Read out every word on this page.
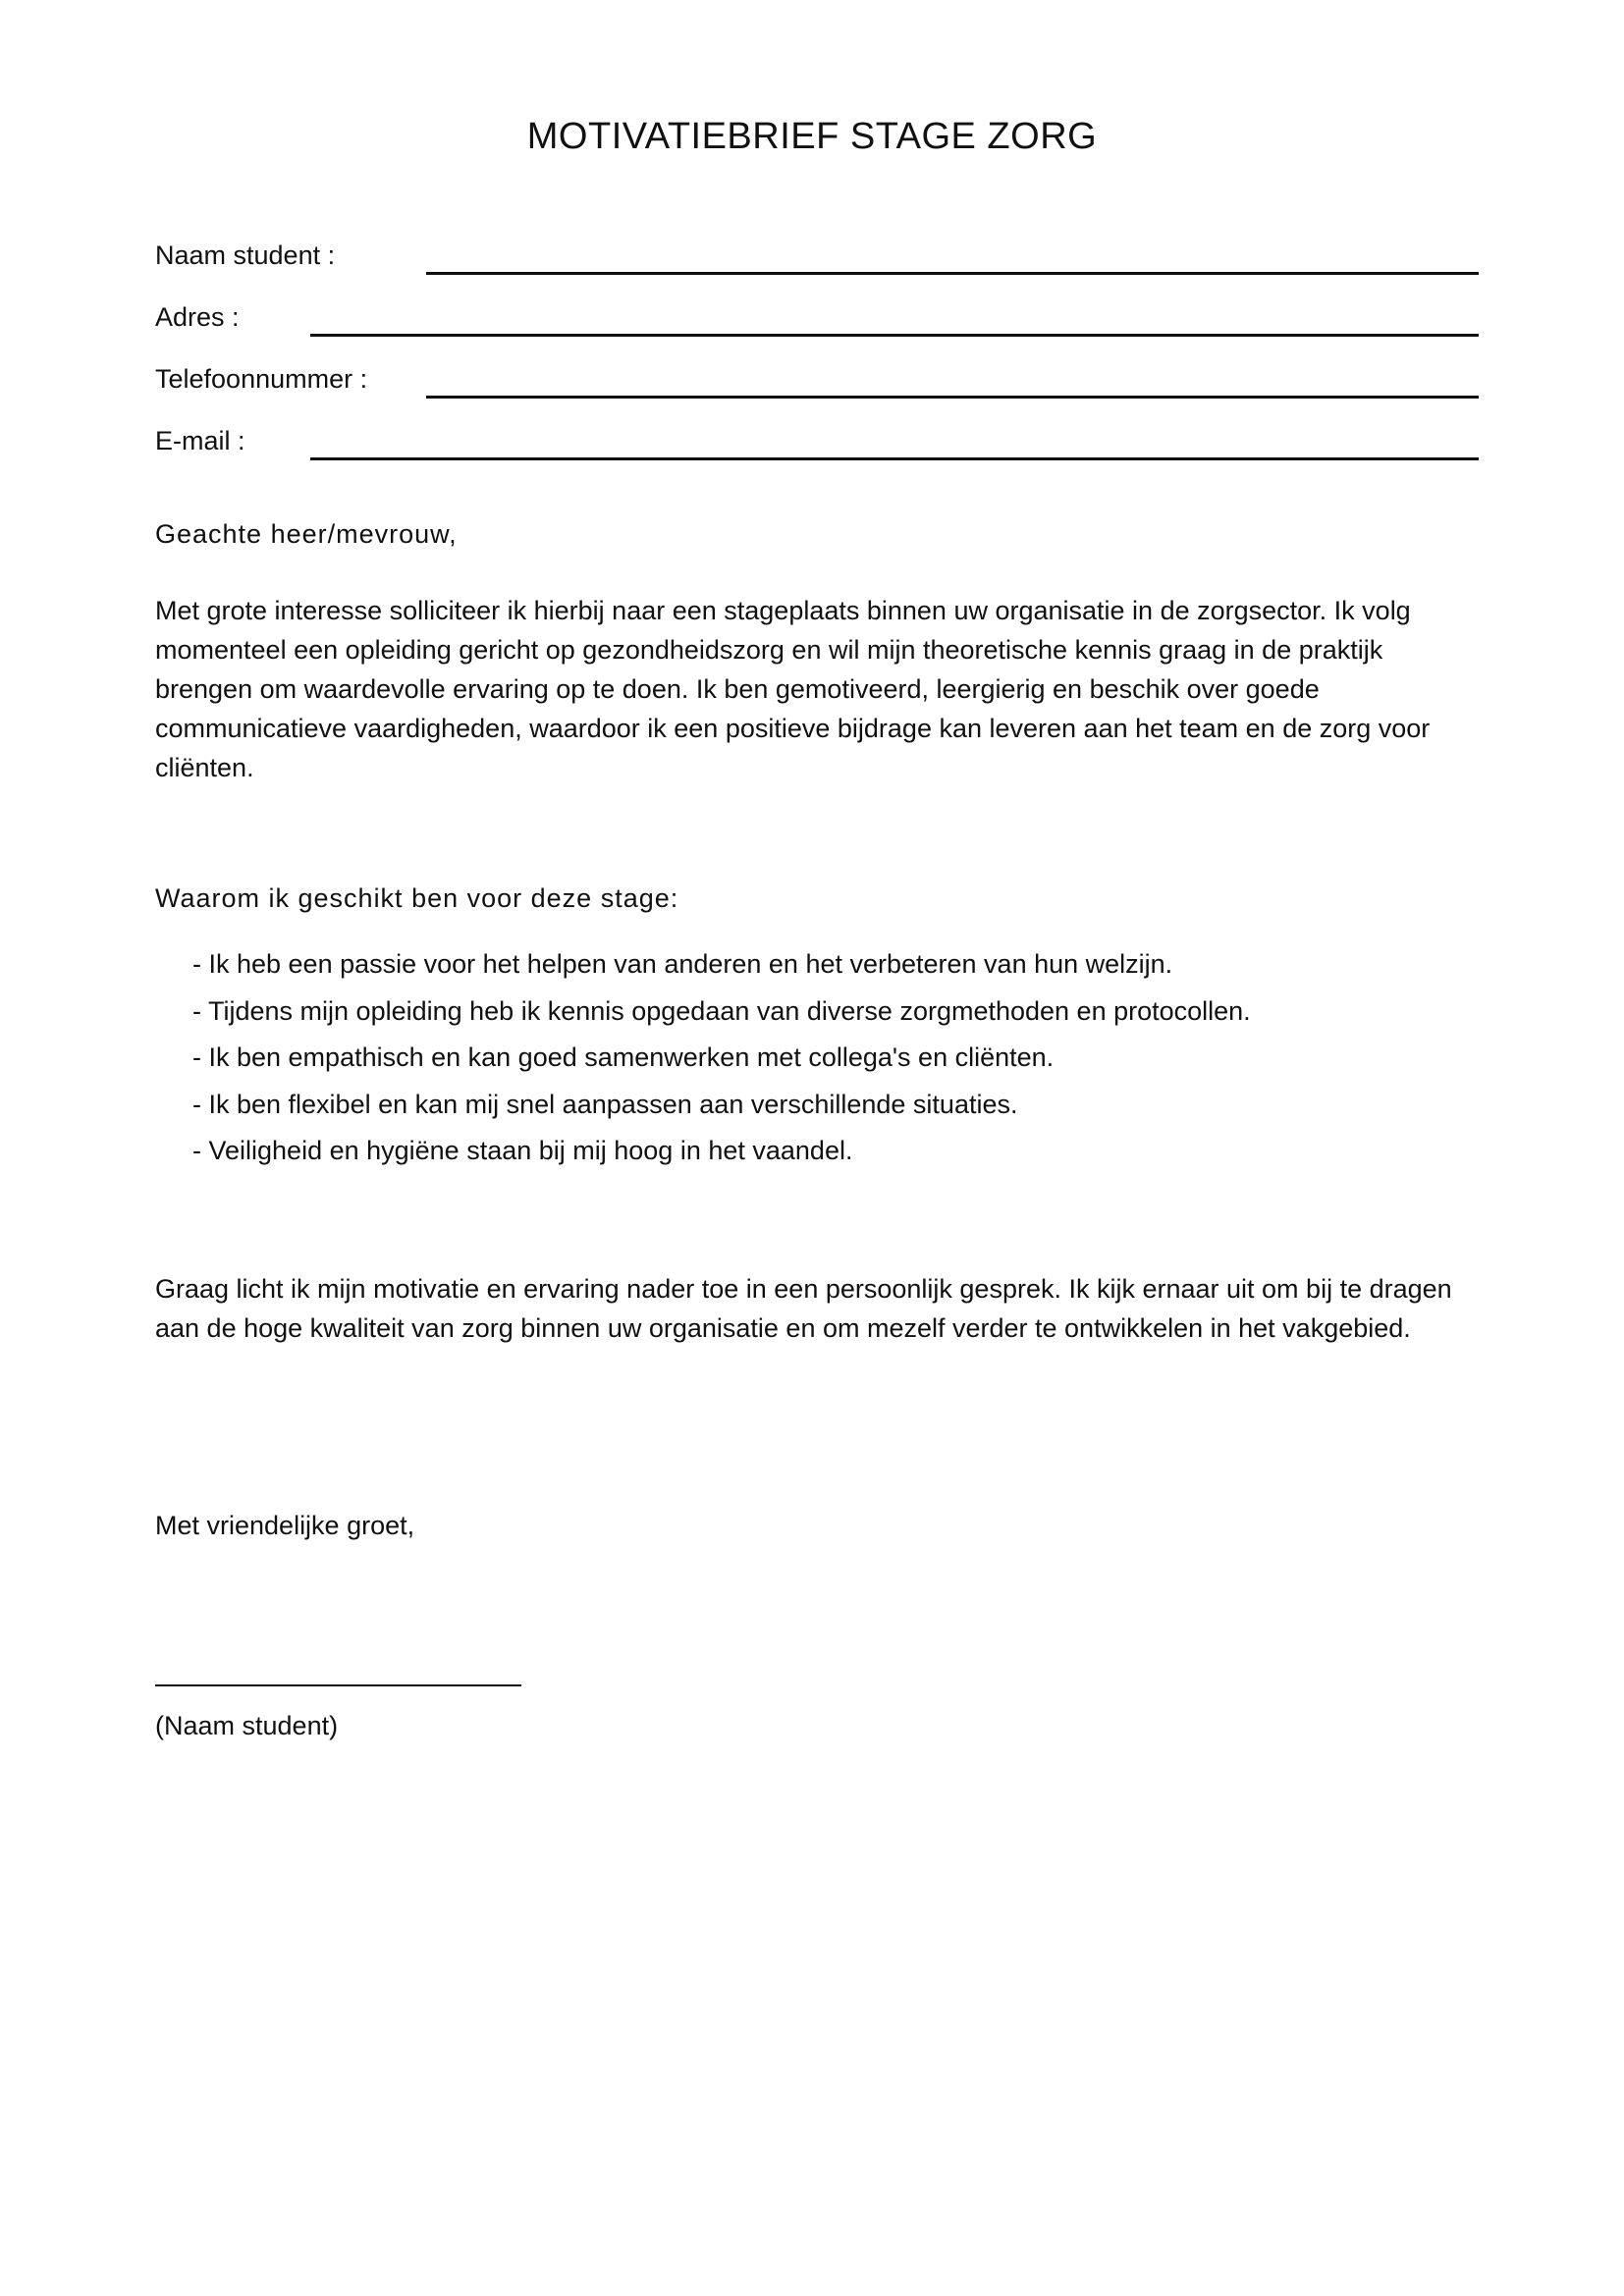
MOTIVATIEBRIEF STAGE ZORG
Naam student :
Adres :
Telefoonnummer :
E-mail :

Geachte heer/mevrouw,

Met grote interesse solliciteer ik hierbij naar een stageplaats binnen uw organisatie in de zorgsector. Ik volg momenteel een opleiding gericht op gezondheidszorg en wil mijn theoretische kennis graag in de praktijk brengen om waardevolle ervaring op te doen. Ik ben gemotiveerd, leergierig en beschik over goede communicatieve vaardigheden, waardoor ik een positieve bijdrage kan leveren aan het team en de zorg voor cliënten.

Waarom ik geschikt ben voor deze stage:

- Ik heb een passie voor het helpen van anderen en het verbeteren van hun welzijn.
- Tijdens mijn opleiding heb ik kennis opgedaan van diverse zorgmethoden en protocollen.
- Ik ben empathisch en kan goed samenwerken met collega's en cliënten.
- Ik ben flexibel en kan mij snel aanpassen aan verschillende situaties.
- Veiligheid en hygiëne staan bij mij hoog in het vaandel.

Graag licht ik mijn motivatie en ervaring nader toe in een persoonlijk gesprek. Ik kijk ernaar uit om bij te dragen aan de hoge kwaliteit van zorg binnen uw organisatie en om mezelf verder te ontwikkelen in het vakgebied.

Met vriendelijke groet,

(Naam student)
